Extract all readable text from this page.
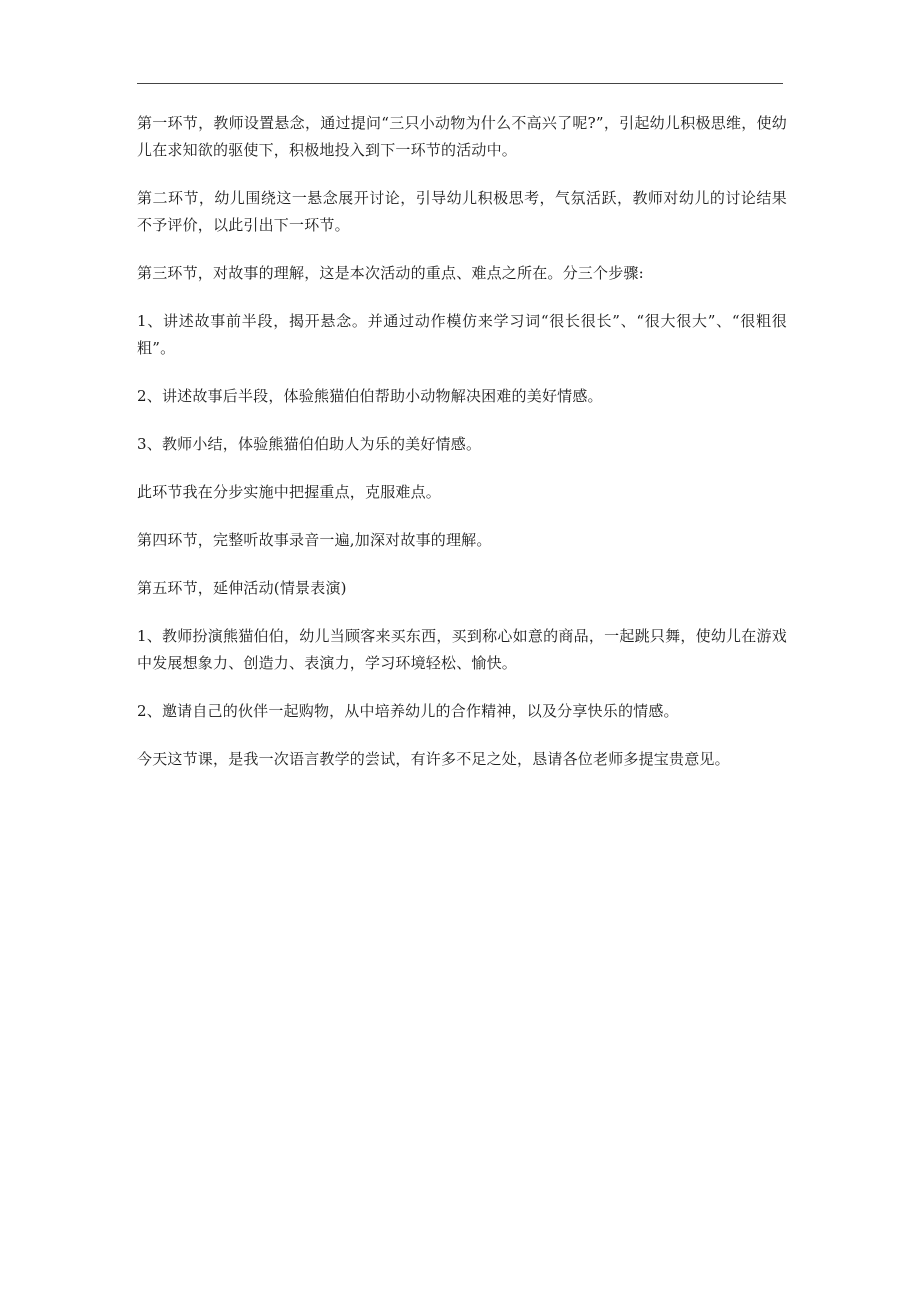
第一环节，教师设置悬念，通过提问“三只小动物为什么不高兴了呢?”，引起幼儿积极思维，使幼儿在求知欲的驱使下，积极地投入到下一环节的活动中。

第二环节，幼儿围绕这一悬念展开讨论，引导幼儿积极思考，气氛活跃，教师对幼儿的讨论结果不予评价，以此引出下一环节。

第三环节，对故事的理解，这是本次活动的重点、难点之所在。分三个步骤:

1、讲述故事前半段，揭开悬念。并通过动作模仿来学习词“很长很长”、“很大很大”、“很粗很粗”。

2、讲述故事后半段，体验熊猫伯伯帮助小动物解决困难的美好情感。

3、教师小结，体验熊猫伯伯助人为乐的美好情感。

此环节我在分步实施中把握重点，克服难点。

第四环节，完整听故事录音一遍,加深对故事的理解。

第五环节，延伸活动(情景表演)

1、教师扮演熊猫伯伯，幼儿当顾客来买东西，买到称心如意的商品，一起跳只舞，使幼儿在游戏中发展想象力、创造力、表演力，学习环境轻松、愉快。

2、邀请自己的伙伴一起购物，从中培养幼儿的合作精神，以及分享快乐的情感。

今天这节课，是我一次语言教学的尝试，有许多不足之处，恳请各位老师多提宝贵意见。
